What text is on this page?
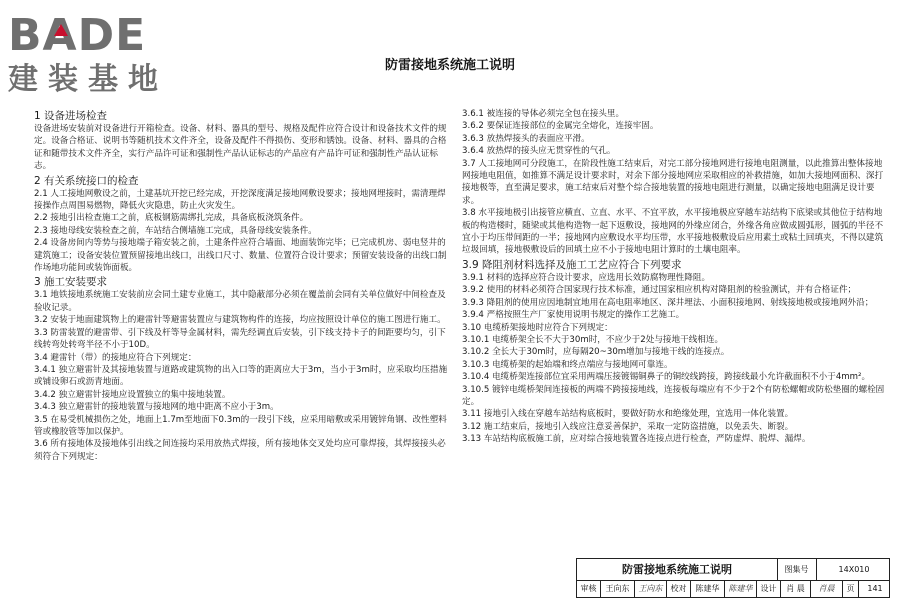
BADE
建装基地	防雷接地系统施工说明

1 设备进场检查

设备进场安装前对设备进行开箱检查。设备、材料、器具的型号、规格及配件应符合设计和设备技术文件的规定。设备合格证、说明书等随机技术文件齐全，设备及配件不得损伤、变形和锈蚀。设备、材料、器具的合格证和随带技术文件齐全，实行产品许可证和强制性产品认证标志的产品应有产品许可证和强制性产品认证标志。

2 有关系统接口的检查

2.1 人工接地网敷设之前，土建基坑开挖已经完成，开挖深度满足接地网敷设要求；接地网埋接时，需清理焊接操作点周围易燃物，降低火灾隐患，防止火灾发生。

2.2 接地引出检查施工之前，底板钢筋需绑扎完成，具备底板浇筑条件。

2.3 接地母线安装检查之前，车站结合侧墙施工完成，具备母线安装条件。

2.4 设备房间内等势与接地端子箱安装之前，土建条件应符合墙面、地面装饰完毕；已完成机房、弱电竖井的建筑施工；设备安装位置预留接地出线口，出线口尺寸、数量、位置符合设计要求；预留安装设备的出线口制作场地功能间或装饰面板。

3 施工安装要求

3.1 地铁接地系统施工安装前应会同土建专业施工，其中隐蔽部分必须在覆盖前会同有关单位做好中间检查及验收记录。

3.2 安装于地面建筑物上的避雷针等避雷装置应与建筑物构件的连接，均应按照设计单位的施工图进行施工。

3.3 防雷装置的避雷带、引下线及杆等导金属材料，需先经调直后安装，引下线支持卡子的间距要均匀，引下线转弯处转弯半径不小于10D。

3.4 避雷针（带）的接地应符合下列规定：

3.4.1 独立避雷针及其接地装置与道路或建筑物的出入口等的距离应大于3m，当小于3m时，应采取均压措施或铺设卵石或沥青地面。

3.4.2 独立避雷针接地应设置独立的集中接地装置。

3.4.3 独立避雷针的接地装置与接地网的地中距离不应小于3m。

3.5 在易受机械损伤之处，地面上1.7m至地面下0.3m的一段引下线，应采用暗敷或采用镀锌角钢、改性塑料管或橡胶管等加以保护。

3.6 所有接地体及接地体引出线之间连接均采用放热式焊接，所有接地体交叉处均应可靠焊接，其焊接接头必须符合下列规定：

3.6.1 被连接的导体必须完全包在接头里。

3.6.2 要保证连接部位的金属完全熔化，连接牢固。

3.6.3 放热焊接头的表面应平滑。

3.6.4 放热焊的接头应无贯穿性的气孔。

3.7 人工接地网可分段施工，在阶段性施工结束后，对完工部分接地网进行接地电阻测量，以此推算出整体接地网接地电阻值，如推算不满足设计要求时，对余下部分接地网应采取相应的补救措施，如加大接地网面积、深打接地极等，直至满足要求，施工结束后对整个综合接地装置的接地电阻进行测量，以确定接地电阻满足设计要求。

3.8 水平接地极引出接管应横直、立直、水平、不宜平放，水平接地极应穿越车站结构下底梁或其他位于结构地板的构造楼时，随梁或其他构造物一起下返敷设，接地网的外缘应闭合，外缘各角应做成圆弧形，圆弧的半径不宜小于均压带间距的一半；接地网内应敷设水平均压带，水平接地极敷设后应用素土或粘土回填夹，不得以建筑垃圾回填，接地极敷设后的回填土应不小于接地电阻计算时的土壤电阻率。

3.9 降阻剂材料选择及施工工艺应符合下列要求

3.9.1 材料的选择应符合设计要求，应选用长效防腐物理性降阻。

3.9.2 使用的材料必须符合国家现行技术标准，通过国家相应机构对降阻剂的检验测试，并有合格证件；

3.9.3 降阻剂的使用应因地制宜地用在高电阻率地区、深井埋法、小面积接地网、射线接地极或接地网外沿；

3.9.4 严格按照生产厂家使用说明书规定的操作工艺施工。

3.10 电缆桥架接地时应符合下列规定：

3.10.1 电缆桥架全长不大于30m时，不应少于2处与接地干线相连。

3.10.2 全长大于30m时，应每隔20~30m增加与接地干线的连接点。

3.10.3 电缆桥架的起始端和终点端应与接地网可靠连。

3.10.4 电缆桥架连接部位宜采用两端压接镀锡铜鼻子的铜绞线跨接，跨接线最小允许截面积不小于4mm²。

3.10.5 镀锌电缆桥架间连接板的两端不跨接接地线，连接板每端应有不少于2个有防松螺帽或防松垫圈的螺栓固定。

3.11 接地引入线在穿越车站结构底板时，要做好防水和绝缘处理，宜选用一体化装置。

3.12 施工结束后，接地引入线应注意妥善保护，采取一定防盗措施，以免丢失、断裂。

3.13 车站结构底板施工前，应对综合接地装置各连接点进行检查，严防虚焊、脱焊、漏焊。

防雷接地系统施工说明	图集号	14X010
审核	王向东	王向东	校对	陈建华	陈建华	设计	肖 晨	肖晨	页	141
